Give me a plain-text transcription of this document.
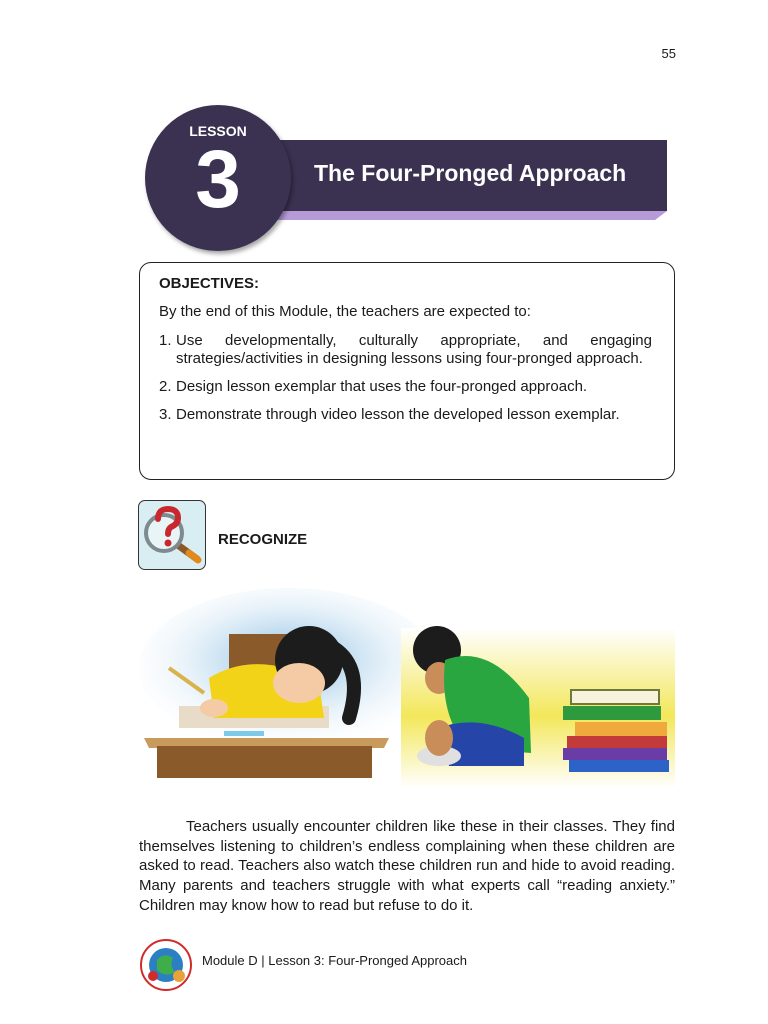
55
The Four-Pronged Approach
LESSON
3

OBJECTIVES:

By the end of this Module, the teachers are expected to:

1. Use developmentally, culturally appropriate, and engaging strategies/activities in designing lessons using four-pronged approach.
2. Design lesson exemplar that uses the four-pronged approach.
3. Demonstrate through video lesson the developed lesson exemplar.
RECOGNIZE

Teachers usually encounter children like these in their classes. They find themselves listening to children’s endless complaining when these children are asked to read. Teachers also watch these children run and hide to avoid reading. Many parents and teachers struggle with what experts call “reading anxiety.” Children may know how to read but refuse to do it.

Module D | Lesson 3: Four-Pronged Approach
